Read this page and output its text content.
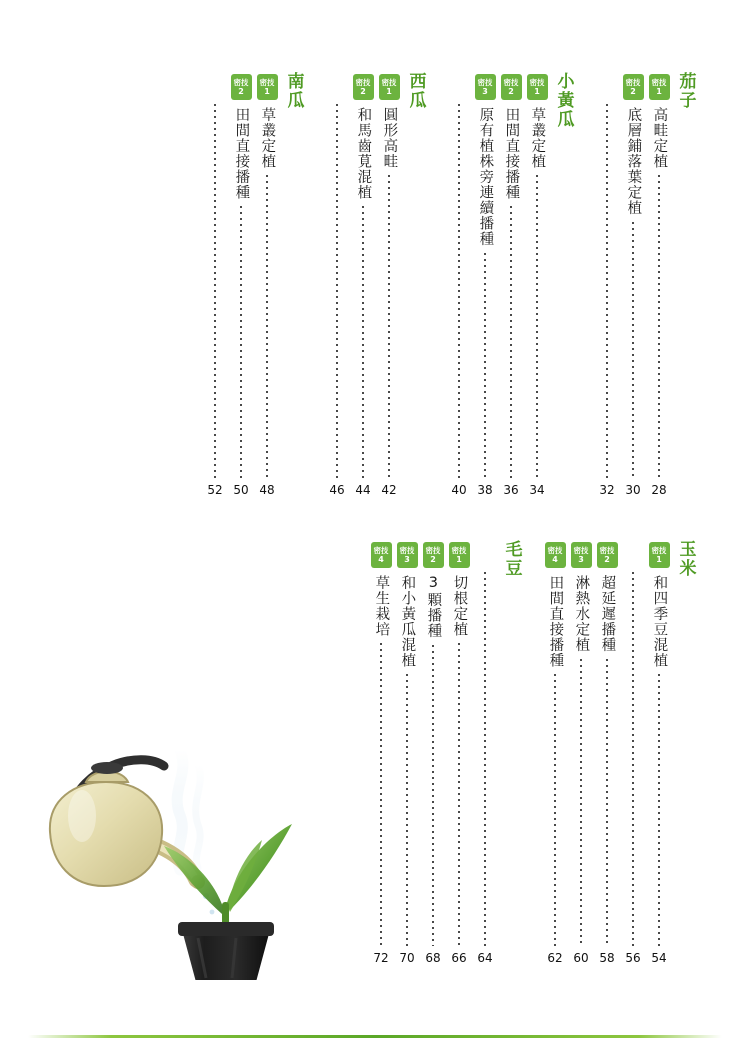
茄子
密技
1
高畦定植
28
密技
2
底層鋪落葉定植
30
32
小黃瓜
密技
1
草叢定植
34
密技
2
田間直接播種
36
密技
3
原有植株旁連續播種
38
40
西瓜
密技
1
圓形高畦
42
密技
2
和馬齒莧混植
44
46
南瓜
密技
1
草叢定植
48
密技
2
田間直接播種
50
52
玉米
密技
1
和四季豆混植
54
56
密技
2
超延遲播種
58
密技
3
淋熱水定植
60
密技
4
田間直接播種
62
毛豆
64
密技
1
切根定植
66
密技
2
3顆播種
68
密技
3
和小黃瓜混植
70
密技
4
草生栽培
72
